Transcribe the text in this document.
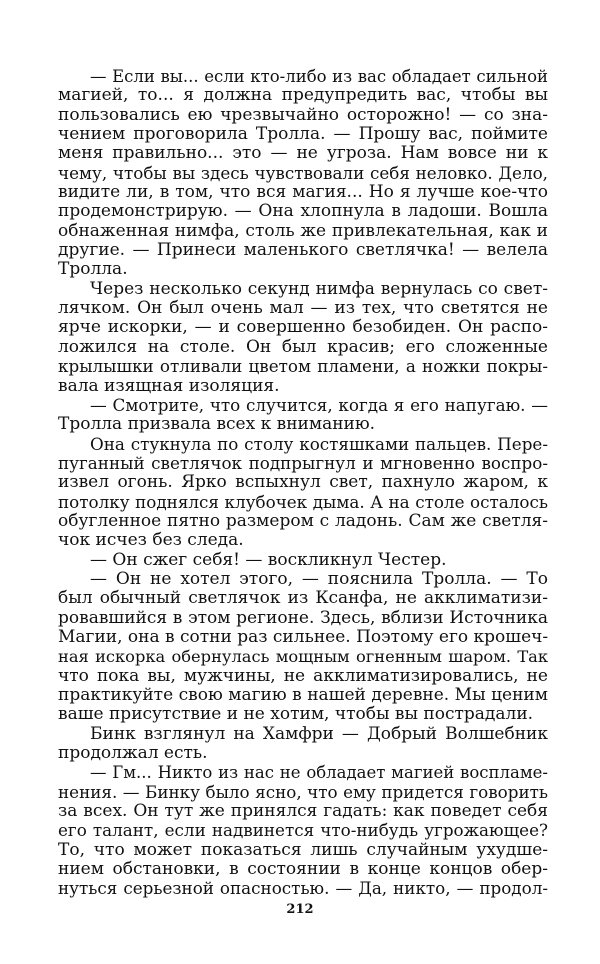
— Если вы... если кто-либо из вас обладает сильной
магией, то... я должна предупредить вас, чтобы вы
пользовались ею чрезвычайно осторожно! — со зна-
чением проговорила Тролла. — Прошу вас, поймите
меня правильно... это — не угроза. Нам вовсе ни к
чему, чтобы вы здесь чувствовали себя неловко. Дело,
видите ли, в том, что вся магия... Но я лучше кое-что
продемонстрирую. — Она хлопнула в ладоши. Вошла
обнаженная нимфа, столь же привлекательная, как и
другие. — Принеси маленького светлячка! — велела
Тролла.
Через несколько секунд нимфа вернулась со свет-
лячком. Он был очень мал — из тех, что светятся не
ярче искорки, — и совершенно безобиден. Он распо-
ложился на столе. Он был красив; его сложенные
крылышки отливали цветом пламени, а ножки покры-
вала изящная изоляция.
— Смотрите, что случится, когда я его напугаю. —
Тролла призвала всех к вниманию.
Она стукнула по столу костяшками пальцев. Пере-
пуганный светлячок подпрыгнул и мгновенно воспро-
извел огонь. Ярко вспыхнул свет, пахнуло жаром, к
потолку поднялся клубочек дыма. А на столе осталось
обугленное пятно размером с ладонь. Сам же светля-
чок исчез без следа.
— Он сжег себя! — воскликнул Честер.
— Он не хотел этого, — пояснила Тролла. — То
был обычный светлячок из Ксанфа, не акклиматизи-
ровавшийся в этом регионе. Здесь, вблизи Источника
Магии, она в сотни раз сильнее. Поэтому его крошеч-
ная искорка обернулась мощным огненным шаром. Так
что пока вы, мужчины, не акклиматизировались, не
практикуйте свою магию в нашей деревне. Мы ценим
ваше присутствие и не хотим, чтобы вы пострадали.
Бинк взглянул на Хамфри — Добрый Волшебник
продолжал есть.
— Гм... Никто из нас не обладает магией воспламе-
нения. — Бинку было ясно, что ему придется говорить
за всех. Он тут же принялся гадать: как поведет себя
его талант, если надвинется что-нибудь угрожающее?
То, что может показаться лишь случайным ухудше-
нием обстановки, в состоянии в конце концов обер-
нуться серьезной опасностью. — Да, никто, — продол-
212
